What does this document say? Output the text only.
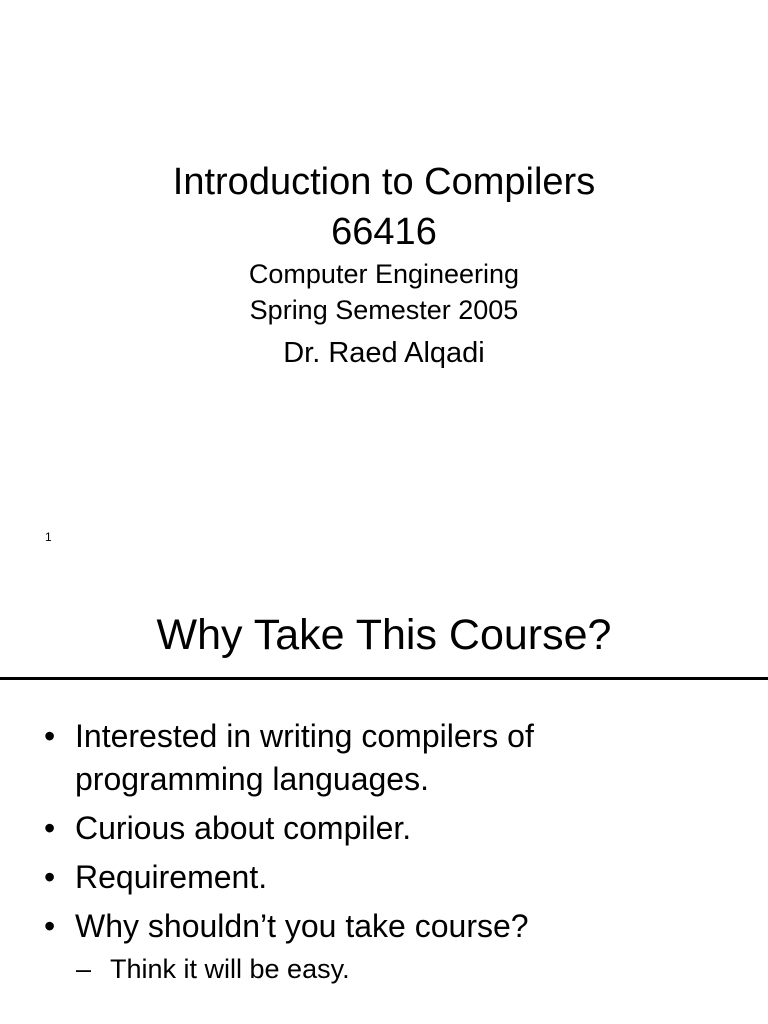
Introduction to Compilers
66416
Computer Engineering
Spring Semester 2005
Dr. Raed Alqadi
1
Why Take This Course?
• Interested in writing compilers of
programming languages.
• Curious about compiler.
• Requirement.
• Why shouldn’t you take course?
– Think it will be easy.
